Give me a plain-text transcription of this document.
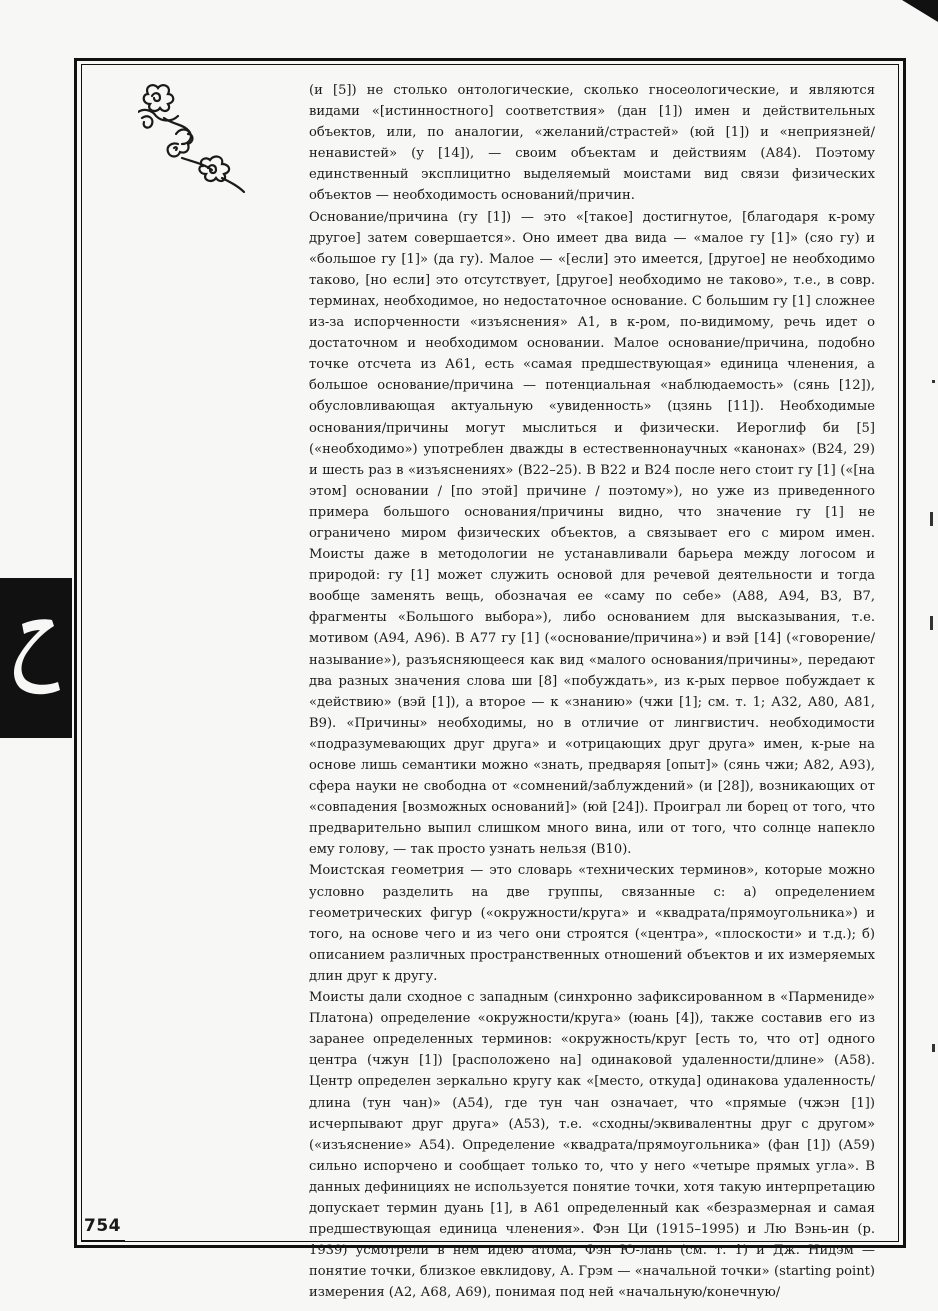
(и [5]) не столько онтологические, сколько гносеологические, и являются видами «[истинностного] соответствия» (дан [1]) имен и действительных объектов, или, по аналогии, «желаний/страстей» (юй [1]) и «неприязней/ненавистей» (у [14]), — своим объектам и действиям (А84). Поэтому единственный эксплицитно выделяемый моистами вид связи физических объектов — необходимость оснований/причин.

Основание/причина (гу [1]) — это «[такое] достигнутое, [благодаря к-рому другое] затем совершается». Оно имеет два вида — «малое гу [1]» (сяо гу) и «большое гу [1]» (да гу). Малое — «[если] это имеется, [другое] не необходимо таково, [но если] это отсутствует, [другое] необходимо не таково», т.е., в совр. терминах, необходимое, но недостаточное основание. С большим гу [1] сложнее из-за испорченности «изъяснения» А1, в к-ром, по-видимому, речь идет о достаточном и необходимом основании. Малое основание/причина, подобно точке отсчета из А61, есть «самая предшествующая» единица членения, а большое основание/причина — потенциальная «наблюдаемость» (сянь [12]), обусловливающая актуальную «увиденность» (цзянь [11]). Необходимые основания/причины могут мыслиться и физически. Иероглиф би [5] («необходимо») употреблен дважды в естественнонаучных «канонах» (В24, 29) и шесть раз в «изъяснениях» (В22–25). В В22 и В24 после него стоит гу [1] («[на этом] основании / [по этой] причине / поэтому»), но уже из приведенного примера большого основания/причины видно, что значение гу [1] не ограничено миром физических объектов, а связывает его с миром имен. Моисты даже в методологии не устанавливали барьера между логосом и природой: гу [1] может служить основой для речевой деятельности и тогда вообще заменять вещь, обозначая ее «саму по себе» (А88, А94, В3, В7, фрагменты «Большого выбора»), либо основанием для высказывания, т.е. мотивом (А94, А96). В А77 гу [1] («основание/причина») и вэй [14] («говорение/называние»), разъясняющееся как вид «малого основания/причины», передают два разных значения слова ши [8] «побуждать», из к-рых первое побуждает к «действию» (вэй [1]), а второе — к «знанию» (чжи [1]; см. т. 1; А32, А80, А81, В9). «Причины» необходимы, но в отличие от лингвистич. необходимости «подразумевающих друг друга» и «отрицающих друг друга» имен, к-рые на основе лишь семантики можно «знать, предваряя [опыт]» (сянь чжи; А82, А93), сфера науки не свободна от «сомнений/заблуждений» (и [28]), возникающих от «совпадения [возможных оснований]» (юй [24]). Проиграл ли борец от того, что предварительно выпил слишком много вина, или от того, что солнце напекло ему голову, — так просто узнать нельзя (В10).

Моистская геометрия — это словарь «технических терминов», которые можно условно разделить на две группы, связанные с: а) определением геометрических фигур («окружности/круга» и «квадрата/прямоугольника») и того, на основе чего и из чего они строятся («центра», «плоскости» и т.д.); б) описанием различных пространственных отношений объектов и их измеряемых длин друг к другу.

Моисты дали сходное с западным (синхронно зафиксированном в «Пармениде» Платона) определение «окружности/круга» (юань [4]), также составив его из заранее определенных терминов: «окружность/круг [есть то, что от] одного центра (чжун [1]) [расположено на] одинаковой удаленности/длине» (А58). Центр определен зеркально кругу как «[место, откуда] одинакова удаленность/длина (тун чан)» (А54), где тун чан означает, что «прямые (чжэн [1]) исчерпывают друг друга» (А53), т.е. «сходны/эквивалентны друг с другом» («изъяснение» А54). Определение «квадрата/прямоугольника» (фан [1]) (А59) сильно испорчено и сообщает только то, что у него «четыре прямых угла». В данных дефинициях не используется понятие точки, хотя такую интерпретацию допускает термин дуань [1], в А61 определенный как «безразмерная и самая предшествующая единица членения». Фэн Ци (1915–1995) и Лю Вэнь-ин (р. 1939) усмотрели в нем идею атома, Фэн Ю-лань (см. т. 1) и Дж. Нидэм — понятие точки, близкое евклидову, А. Грэм — «начальной точки» (starting point) измерения (А2, А68, А69), понимая под ней «начальную/конечную/

754
